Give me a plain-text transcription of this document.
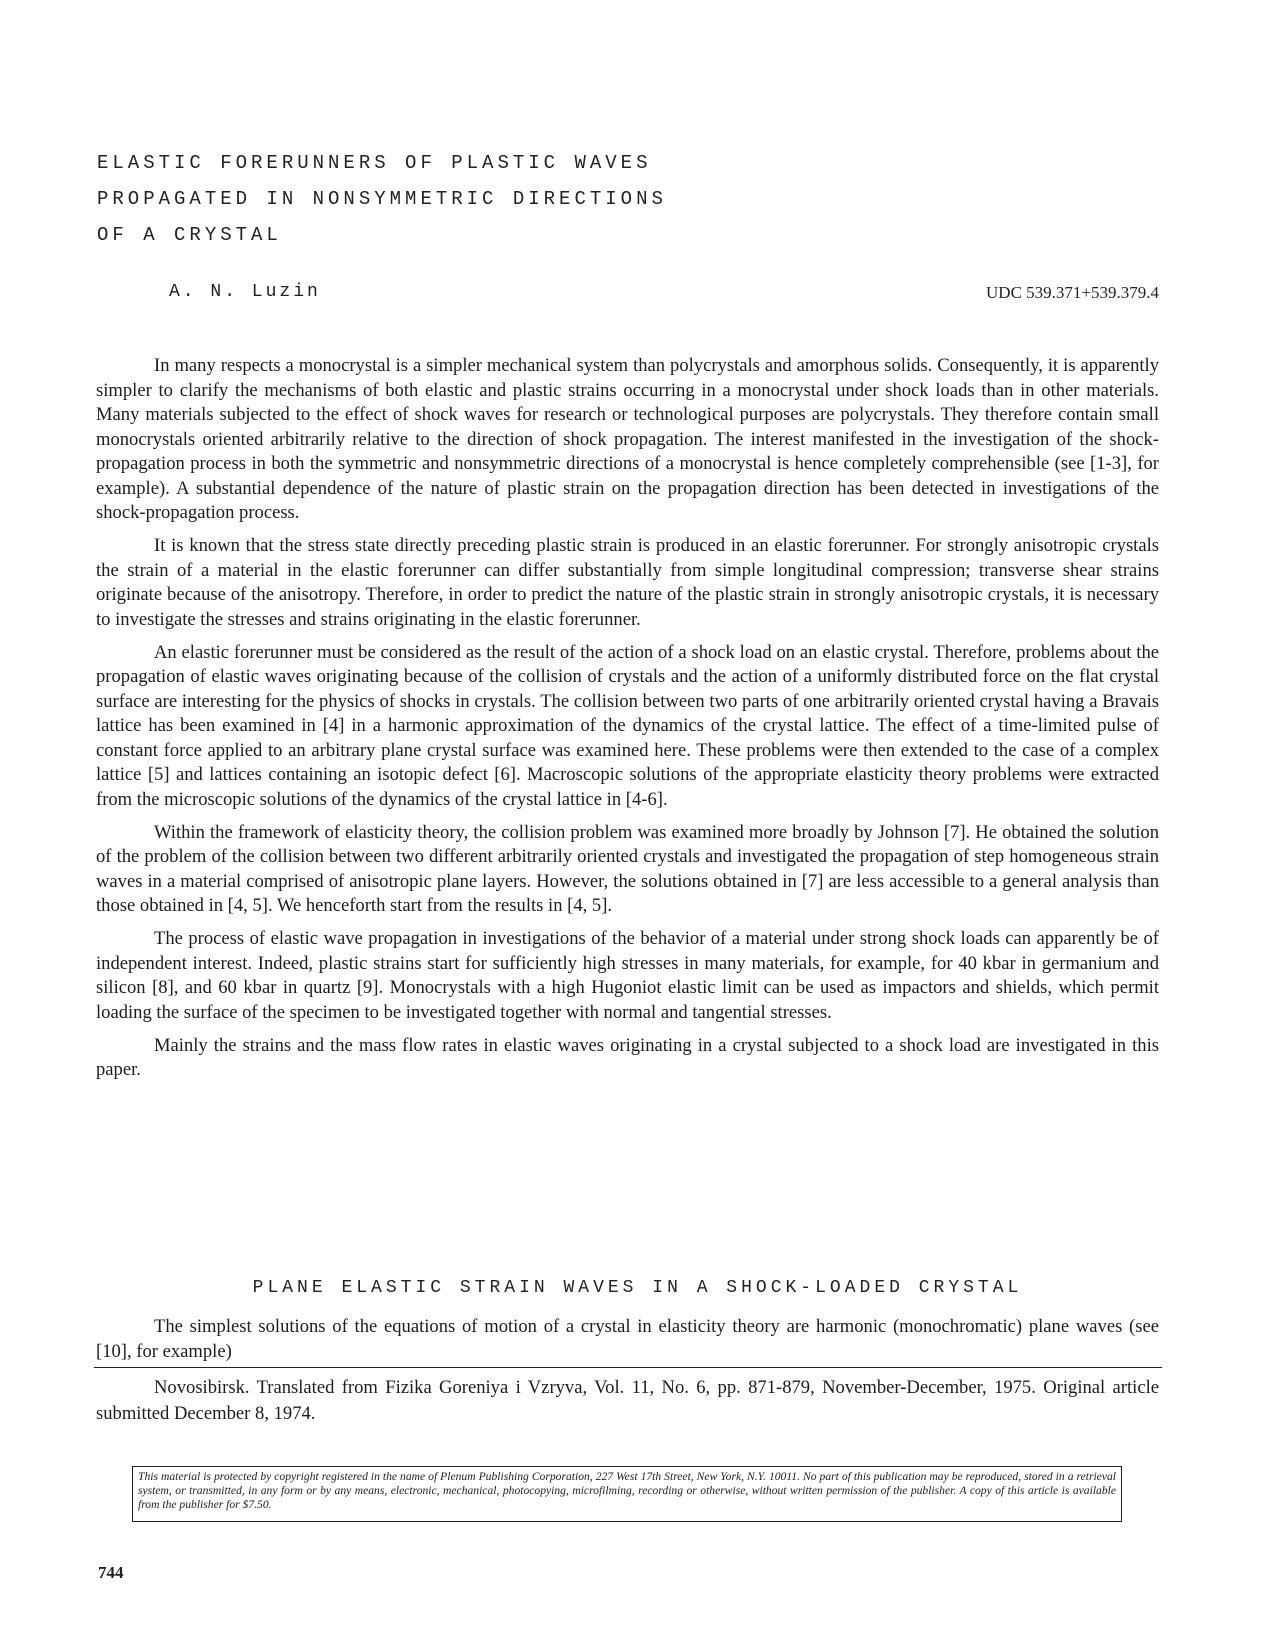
ELASTIC FORERUNNERS OF PLASTIC WAVES
PROPAGATED IN NONSYMMETRIC DIRECTIONS
OF A CRYSTAL
A. N. Luzin	UDC 539.371+539.379.4

In many respects a monocrystal is a simpler mechanical system than polycrystals and amorphous solids. Consequently, it is apparently simpler to clarify the mechanisms of both elastic and plastic strains occurring in a monocrystal under shock loads than in other materials. Many materials subjected to the effect of shock waves for research or technological purposes are polycrystals. They therefore contain small monocrystals oriented arbitrarily relative to the direction of shock propagation. The interest manifested in the investigation of the shock-propagation process in both the symmetric and nonsymmetric directions of a monocrystal is hence completely comprehensible (see [1-3], for example). A substantial dependence of the nature of plastic strain on the propagation direction has been detected in investigations of the shock-propagation process.

It is known that the stress state directly preceding plastic strain is produced in an elastic forerunner. For strongly anisotropic crystals the strain of a material in the elastic forerunner can differ substantially from simple longitudinal compression; transverse shear strains originate because of the anisotropy. Therefore, in order to predict the nature of the plastic strain in strongly anisotropic crystals, it is necessary to investigate the stresses and strains originating in the elastic forerunner.

An elastic forerunner must be considered as the result of the action of a shock load on an elastic crystal. Therefore, problems about the propagation of elastic waves originating because of the collision of crystals and the action of a uniformly distributed force on the flat crystal surface are interesting for the physics of shocks in crystals. The collision between two parts of one arbitrarily oriented crystal having a Bravais lattice has been examined in [4] in a harmonic approximation of the dynamics of the crystal lattice. The effect of a time-limited pulse of constant force applied to an arbitrary plane crystal surface was examined here. These problems were then extended to the case of a complex lattice [5] and lattices containing an isotopic defect [6]. Macroscopic solutions of the appropriate elasticity theory problems were extracted from the microscopic solutions of the dynamics of the crystal lattice in [4-6].

Within the framework of elasticity theory, the collision problem was examined more broadly by Johnson [7]. He obtained the solution of the problem of the collision between two different arbitrarily oriented crystals and investigated the propagation of step homogeneous strain waves in a material comprised of anisotropic plane layers. However, the solutions obtained in [7] are less accessible to a general analysis than those obtained in [4, 5]. We henceforth start from the results in [4, 5].

The process of elastic wave propagation in investigations of the behavior of a material under strong shock loads can apparently be of independent interest. Indeed, plastic strains start for sufficiently high stresses in many materials, for example, for 40 kbar in germanium and silicon [8], and 60 kbar in quartz [9]. Monocrystals with a high Hugoniot elastic limit can be used as impactors and shields, which permit loading the surface of the specimen to be investigated together with normal and tangential stresses.

Mainly the strains and the mass flow rates in elastic waves originating in a crystal subjected to a shock load are investigated in this paper.

PLANE ELASTIC STRAIN WAVES IN A SHOCK-LOADED CRYSTAL

The simplest solutions of the equations of motion of a crystal in elasticity theory are harmonic (monochromatic) plane waves (see [10], for example)

Novosibirsk. Translated from Fizika Goreniya i Vzryva, Vol. 11, No. 6, pp. 871-879, November-December, 1975. Original article submitted December 8, 1974.

This material is protected by copyright registered in the name of Plenum Publishing Corporation, 227 West 17th Street, New York, N.Y. 10011. No part of this publication may be reproduced, stored in a retrieval system, or transmitted, in any form or by any means, electronic, mechanical, photocopying, microfilming, recording or otherwise, without written permission of the publisher. A copy of this article is available from the publisher for $7.50.
744
